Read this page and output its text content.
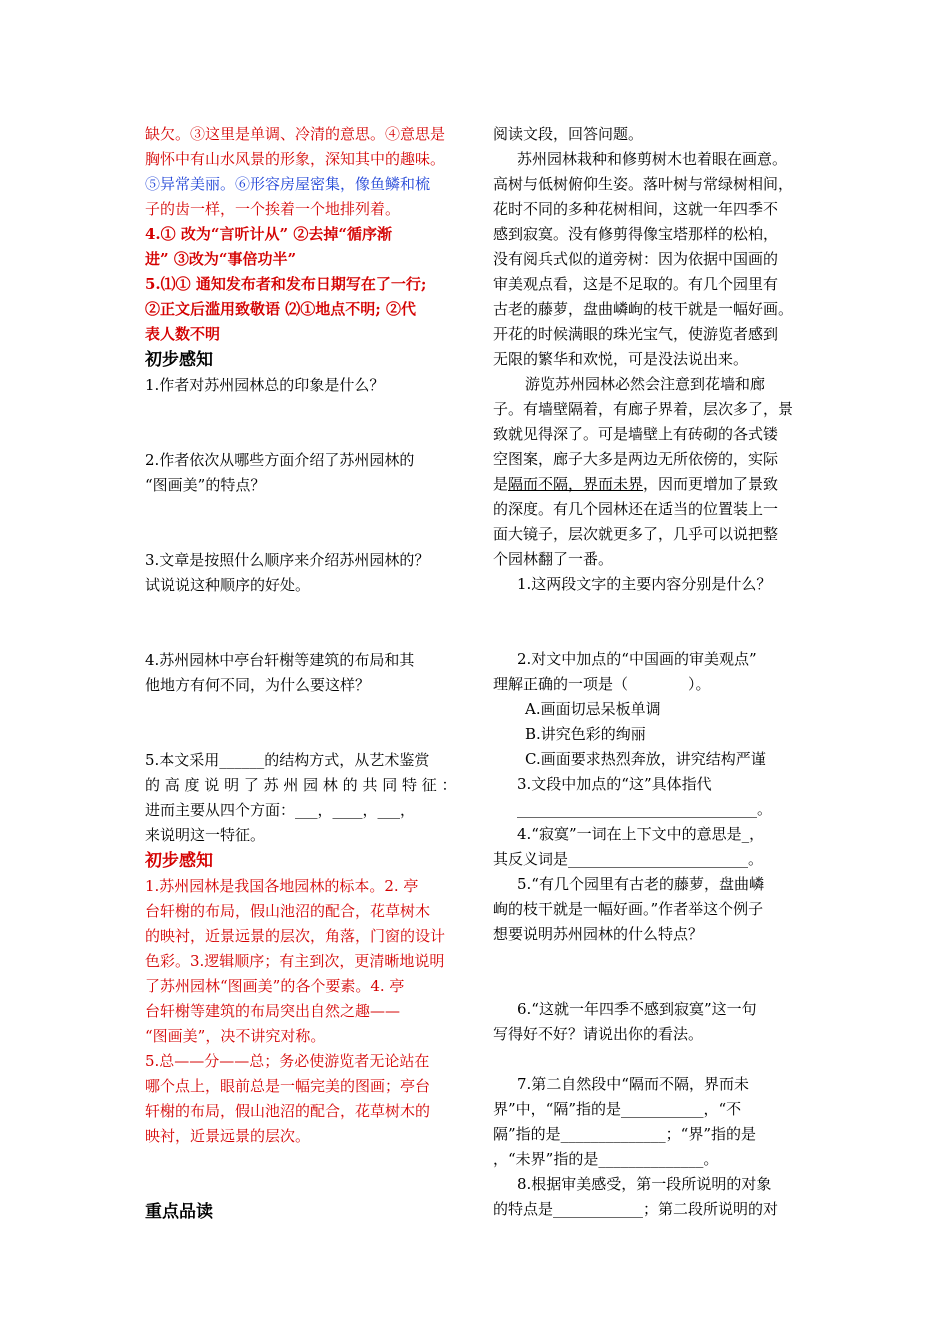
缺欠。③这里是单调、冷清的意思。④意思是
胸怀中有山水风景的形象，深知其中的趣味。
⑤异常美丽。⑥形容房屋密集，像鱼鳞和梳
子的齿一样，一个挨着一个地排列着。
4.① 改为“言听计从” ②去掉“循序渐
进” ③改为“事倍功半”
5.⑴① 通知发布者和发布日期写在了一行;
②正文后滥用致敬语 ⑵①地点不明; ②代
表人数不明
初步感知
1.作者对苏州园林总的印象是什么？
2.作者依次从哪些方面介绍了苏州园林的
“图画美”的特点？
3.文章是按照什么顺序来介绍苏州园林的？
试说说这种顺序的好处。
4.苏州园林中亭台轩榭等建筑的布局和其
他地方有何不同，为什么要这样？
5.本文采用______的结构方式，从艺术鉴赏
的 高 度 说 明 了 苏 州 园 林 的 共 同 特 征 ：
进而主要从四个方面：___，____，___，
来说明这一特征。
初步感知
1.苏州园林是我国各地园林的标本。2. 亭
台轩榭的布局，假山池沼的配合，花草树木
的映衬，近景远景的层次，角落，门窗的设计
色彩。3.逻辑顺序；有主到次，更清晰地说明
了苏州园林“图画美”的各个要素。4. 亭
台轩榭等建筑的布局突出自然之趣——
“图画美”，决不讲究对称。
5.总——分——总；务必使游览者无论站在
哪个点上，眼前总是一幅完美的图画；亭台
轩榭的布局，假山池沼的配合，花草树木的
映衬，近景远景的层次。
重点品读
阅读文段，回答问题。
苏州园林栽种和修剪树木也着眼在画意。
高树与低树俯仰生姿。落叶树与常绿树相间，
花时不同的多种花树相间，这就一年四季不
感到寂寞。没有修剪得像宝塔那样的松柏，
没有阅兵式似的道旁树：因为依据中国画的
审美观点看，这是不足取的。有几个园里有
古老的藤萝，盘曲嶙峋的枝干就是一幅好画。
开花的时候满眼的珠光宝气，使游览者感到
无限的繁华和欢悦，可是没法说出来。
游览苏州园林必然会注意到花墙和廊
子。有墙壁隔着，有廊子界着，层次多了，景
致就见得深了。可是墙壁上有砖砌的各式镂
空图案，廊子大多是两边无所依傍的，实际
是隔而不隔，界而未界，因而更增加了景致
的深度。有几个园林还在适当的位置装上一
面大镜子，层次就更多了，几乎可以说把整
个园林翻了一番。
1.这两段文字的主要内容分别是什么？
2.对文中加点的“中国画的审美观点”
理解正确的一项是（　　　　）。
A.画面切忌呆板单调
B.讲究色彩的绚丽
C.画面要求热烈奔放，讲究结构严谨
3.文段中加点的“这”具体指代
________________________________。
4.“寂寞”一词在上下文中的意思是_，
其反义词是________________________。
5.“有几个园里有古老的藤萝，盘曲嶙
峋的枝干就是一幅好画。”作者举这个例子
想要说明苏州园林的什么特点？
6.“这就一年四季不感到寂寞”这一句
写得好不好？请说出你的看法。
7.第二自然段中“隔而不隔，界而未
界”中，“隔”指的是___________，“不
隔”指的是______________；“界”指的是
，“未界”指的是______________。
8.根据审美感受，第一段所说明的对象
的特点是____________；第二段所说明的对
